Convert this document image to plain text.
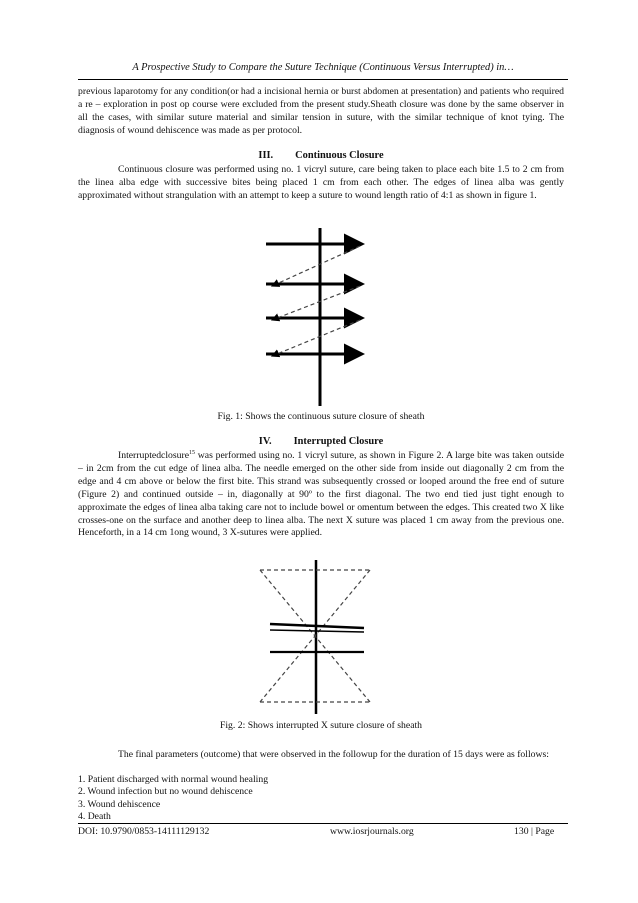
A Prospective Study to Compare the Suture Technique (Continuous Versus Interrupted) in…

previous laparotomy for any condition(or had a incisional hernia or burst abdomen at presentation) and patients who required a re – exploration in post op course were excluded from the present study.Sheath closure was done by the same observer in all the cases, with similar suture material and similar tension in suture, with the similar technique of knot tying. The diagnosis of wound dehiscence was made as per protocol.

III. Continuous Closure

Continuous closure was performed using no. 1 vicryl suture, care being taken to place each bite 1.5 to 2 cm from the linea alba edge with successive bites being placed 1 cm from each other. The edges of linea alba was gently approximated without strangulation with an attempt to keep a suture to wound length ratio of 4:1 as shown in figure 1.

Fig. 1: Shows the continuous suture closure of sheath
IV. Interrupted Closure

Interruptedclosure$^{15}$ was performed using no. 1 vicryl suture, as shown in Figure 2. A large bite was taken outside – in 2cm from the cut edge of linea alba. The needle emerged on the other side from inside out diagonally 2 cm from the edge and 4 cm above or below the first bite. This strand was subsequently crossed or looped around the free end of suture (Figure 2) and continued outside – in, diagonally at 90º to the first diagonal. The two end tied just tight enough to approximate the edges of linea alba taking care not to include bowel or omentum between the edges. This created two X like crosses-one on the surface and another deep to linea alba. The next X suture was placed 1 cm away from the previous one. Henceforth, in a 14 cm 1ong wound, 3 X-sutures were applied.

Fig. 2: Shows interrupted X suture closure of sheath

The final parameters (outcome) that were observed in the followup for the duration of 15 days were as follows:

1. Patient discharged with normal wound healing
2. Wound infection but no wound dehiscence
3. Wound dehiscence
4. Death
DOI: 10.9790/0853-14111129132	www.iosrjournals.org	130 | Page
